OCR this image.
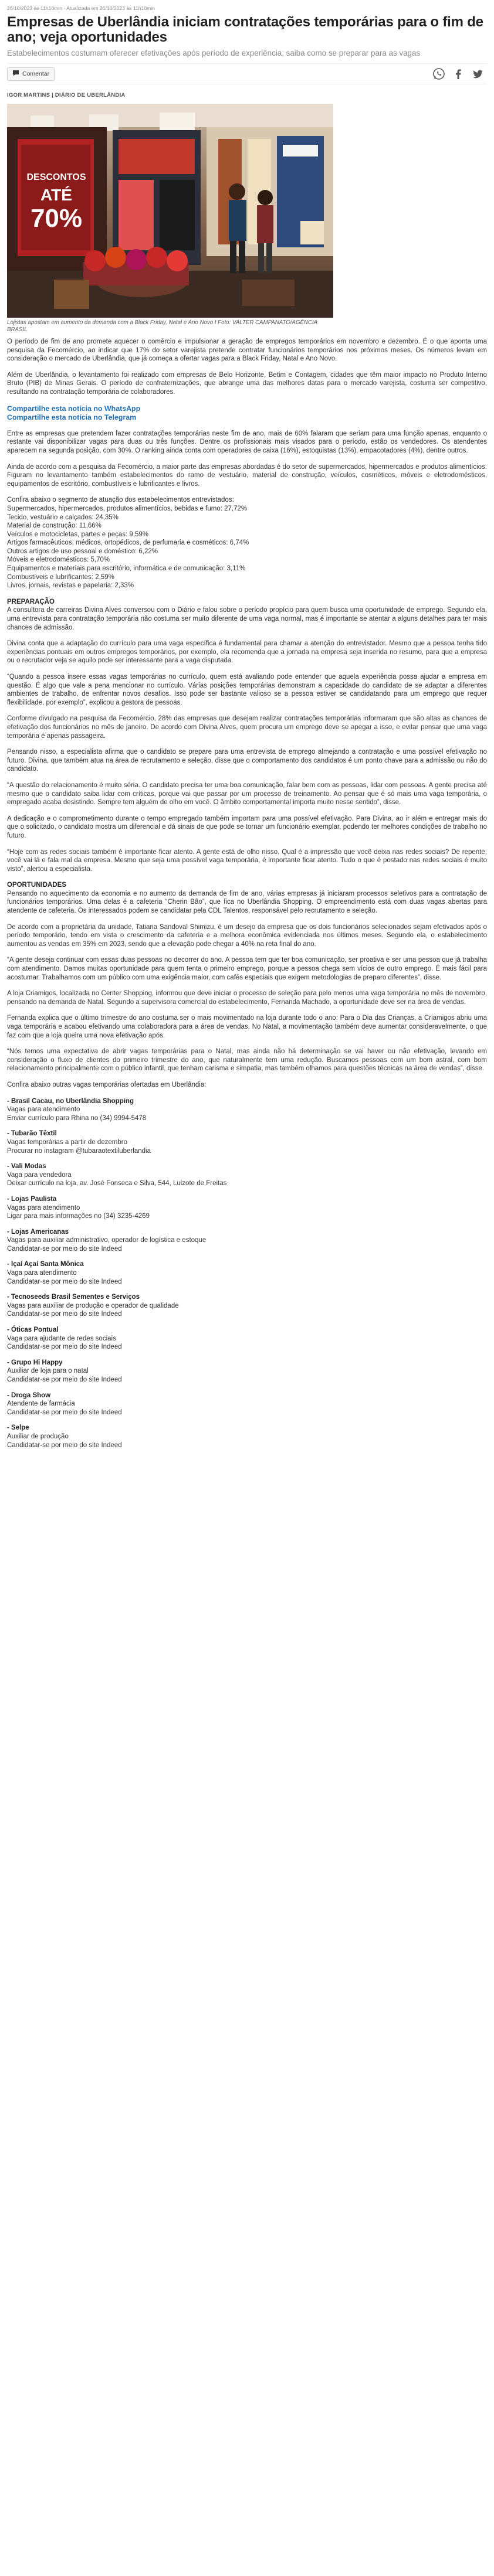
26/10/2023 às 11h10min - Atualizada em 26/10/2023 às 11h10min
Empresas de Uberlândia iniciam contratações temporárias para o fim de ano; veja oportunidades
Estabelecimentos costumam oferecer efetivações após período de experiência; saiba como se preparar para as vagas
Comentar
IGOR MARTINS | DIÁRIO DE UBERLÂNDIA
DESCONTOS
ATÉ
70%
Lojistas apostam em aumento da demanda com a Black Friday, Natal e Ano Novo I Foto: VALTER CAMPANATO/AGÊNCIA BRASIL

O período de fim de ano promete aquecer o comércio e impulsionar a geração de empregos temporários em novembro e dezembro. É o que aponta uma pesquisa da Fecomércio, ao indicar que 17% do setor varejista pretende contratar funcionários temporários nos próximos meses. Os números levam em consideração o mercado de Uberlândia, que já começa a ofertar vagas para a Black Friday, Natal e Ano Novo.

Além de Uberlândia, o levantamento foi realizado com empresas de Belo Horizonte, Betim e Contagem, cidades que têm maior impacto no Produto Interno Bruto (PIB) de Minas Gerais. O período de confraternizações, que abrange uma das melhores datas para o mercado varejista, costuma ser competitivo, resultando na contratação temporária de colaboradores.

Compartilhe esta notícia no WhatsApp
Compartilhe esta notícia no Telegram

Entre as empresas que pretendem fazer contratações temporárias neste fim de ano, mais de 60% falaram que seriam para uma função apenas, enquanto o restante vai disponibilizar vagas para duas ou três funções. Dentre os profissionais mais visados para o período, estão os vendedores. Os atendentes aparecem na segunda posição, com 30%. O ranking ainda conta com operadores de caixa (16%), estoquistas (13%), empacotadores (4%), dentre outros.

Ainda de acordo com a pesquisa da Fecomércio, a maior parte das empresas abordadas é do setor de supermercados, hipermercados e produtos alimentícios. Figuram no levantamento também estabelecimentos do ramo de vestuário, material de construção, veículos, cosméticos, móveis e eletrodomésticos, equipamentos de escritório, combustíveis e lubrificantes e livros.

Confira abaixo o segmento de atuação dos estabelecimentos entrevistados:
Supermercados, hipermercados, produtos alimentícios, bebidas e fumo: 27,72%
Tecido, vestuário e calçados: 24,35%
Material de construção: 11,66%
Veículos e motocicletas, partes e peças: 9,59%
Artigos farmacêuticos, médicos, ortopédicos, de perfumaria e cosméticos: 6,74%
Outros artigos de uso pessoal e doméstico: 6,22%
Móveis e eletrodomésticos: 5,70%
Equipamentos e materiais para escritório, informática e de comunicação: 3,11%
Combustíveis e lubrificantes: 2,59%
Livros, jornais, revistas e papelaria: 2,33%
PREPARAÇÃO

A consultora de carreiras Divina Alves conversou com o Diário e falou sobre o período propício para quem busca uma oportunidade de emprego. Segundo ela, uma entrevista para contratação temporária não costuma ser muito diferente de uma vaga normal, mas é importante se atentar a alguns detalhes para ter mais chances de admissão.

Divina conta que a adaptação do currículo para uma vaga específica é fundamental para chamar a atenção do entrevistador. Mesmo que a pessoa tenha tido experiências pontuais em outros empregos temporários, por exemplo, ela recomenda que a jornada na empresa seja inserida no resumo, para que a empresa ou o recrutador veja se aquilo pode ser interessante para a vaga disputada.

“Quando a pessoa insere essas vagas temporárias no currículo, quem está avaliando pode entender que aquela experiência possa ajudar a empresa em questão. É algo que vale a pena mencionar no currículo. Várias posições temporárias demonstram a capacidade do candidato de se adaptar a diferentes ambientes de trabalho, de enfrentar novos desafios. Isso pode ser bastante valioso se a pessoa estiver se candidatando para um emprego que requer flexibilidade, por exemplo”, explicou a gestora de pessoas.

Conforme divulgado na pesquisa da Fecomércio, 28% das empresas que desejam realizar contratações temporárias informaram que são altas as chances de efetivação dos funcionários no mês de janeiro. De acordo com Divina Alves, quem procura um emprego deve se apegar a isso, e evitar pensar que uma vaga temporária é apenas passageira.

Pensando nisso, a especialista afirma que o candidato se prepare para uma entrevista de emprego almejando a contratação e uma possível efetivação no futuro. Divina, que também atua na área de recrutamento e seleção, disse que o comportamento dos candidatos é um ponto chave para a admissão ou não do candidato.

“A questão do relacionamento é muito séria. O candidato precisa ter uma boa comunicação, falar bem com as pessoas, lidar com pessoas. A gente precisa até mesmo que o candidato saiba lidar com críticas, porque vai que passar por um processo de treinamento. Ao pensar que é só mais uma vaga temporária, o empregado acaba desistindo. Sempre tem alguém de olho em você. O âmbito comportamental importa muito nesse sentido”, disse.

A dedicação e o comprometimento durante o tempo empregado também importam para uma possível efetivação. Para Divina, ao ir além e entregar mais do que o solicitado, o candidato mostra um diferencial e dá sinais de que pode se tornar um funcionário exemplar, podendo ter melhores condições de trabalho no futuro.

“Hoje com as redes sociais também é importante ficar atento. A gente está de olho nisso. Qual é a impressão que você deixa nas redes sociais? De repente, você vai lá e fala mal da empresa. Mesmo que seja uma possível vaga temporária, é importante ficar atento. Tudo o que é postado nas redes sociais é muito visto”, alertou a especialista.

OPORTUNIDADES

Pensando no aquecimento da economia e no aumento da demanda de fim de ano, várias empresas já iniciaram processos seletivos para a contratação de funcionários temporários. Uma delas é a cafeteria “Cherin Bão”, que fica no Uberlândia Shopping. O empreendimento está com duas vagas abertas para atendente de cafeteria. Os interessados podem se candidatar pela CDL Talentos, responsável pelo recrutamento e seleção.

De acordo com a proprietária da unidade, Tatiana Sandoval Shimizu, é um desejo da empresa que os dois funcionários selecionados sejam efetivados após o período temporário, tendo em vista o crescimento da cafeteria e a melhora econômica evidenciada nos últimos meses. Segundo ela, o estabelecimento aumentou as vendas em 35% em 2023, sendo que a elevação pode chegar a 40% na reta final do ano.

“A gente deseja continuar com essas duas pessoas no decorrer do ano. A pessoa tem que ter boa comunicação, ser proativa e ser uma pessoa que já trabalha com atendimento. Damos muitas oportunidade para quem tenta o primeiro emprego, porque a pessoa chega sem vícios de outro emprego. É mais fácil para acostumar. Trabalhamos com um público com uma exigência maior, com cafés especiais que exigem metodologias de preparo diferentes”, disse.

A loja Criamigos, localizada no Center Shopping, informou que deve iniciar o processo de seleção para pelo menos uma vaga temporária no mês de novembro, pensando na demanda de Natal. Segundo a supervisora comercial do estabelecimento, Fernanda Machado, a oportunidade deve ser na área de vendas.

Fernanda explica que o último trimestre do ano costuma ser o mais movimentado na loja durante todo o ano: Para o Dia das Crianças, a Criamigos abriu uma vaga temporária e acabou efetivando uma colaboradora para a área de vendas. No Natal, a movimentação também deve aumentar consideravelmente, o que faz com que a loja queira uma nova efetivação após.

“Nós temos uma expectativa de abrir vagas temporárias para o Natal, mas ainda não há determinação se vai haver ou não efetivação, levando em consideração o fluxo de clientes do primeiro trimestre do ano, que naturalmente tem uma redução. Buscamos pessoas com um bom astral, com bom relacionamento principalmente com o público infantil, que tenham carisma e simpatia, mas também olhamos para questões técnicas na área de vendas”, disse.

Confira abaixo outras vagas temporárias ofertadas em Uberlândia:

- Brasil Cacau, no Uberlândia Shopping
Vagas para atendimento
Enviar currículo para Rhina no (34) 9994-5478
- Tubarão Têxtil
Vagas temporárias a partir de dezembro
Procurar no instagram @tubaraotextiluberlandia
- Vali Modas
Vaga para vendedora
Deixar currículo na loja, av. José Fonseca e Silva, 544, Luizote de Freitas
- Lojas Paulista
Vagas para atendimento
Ligar para mais informações no (34) 3235-4269
- Lojas Americanas
Vagas para auxiliar administrativo, operador de logística e estoque
Candidatar-se por meio do site Indeed
- Içaí Açaí Santa Mônica
Vaga para atendimento
Candidatar-se por meio do site Indeed
- Tecnoseeds Brasil Sementes e Serviços
Vagas para auxiliar de produção e operador de qualidade
Candidatar-se por meio do site Indeed
- Óticas Pontual
Vaga para ajudante de redes sociais
Candidatar-se por meio do site Indeed
- Grupo Hi Happy
Auxiliar de loja para o natal
Candidatar-se por meio do site Indeed
- Droga Show
Atendente de farmácia
Candidatar-se por meio do site Indeed
- Selpe
Auxiliar de produção
Candidatar-se por meio do site Indeed
